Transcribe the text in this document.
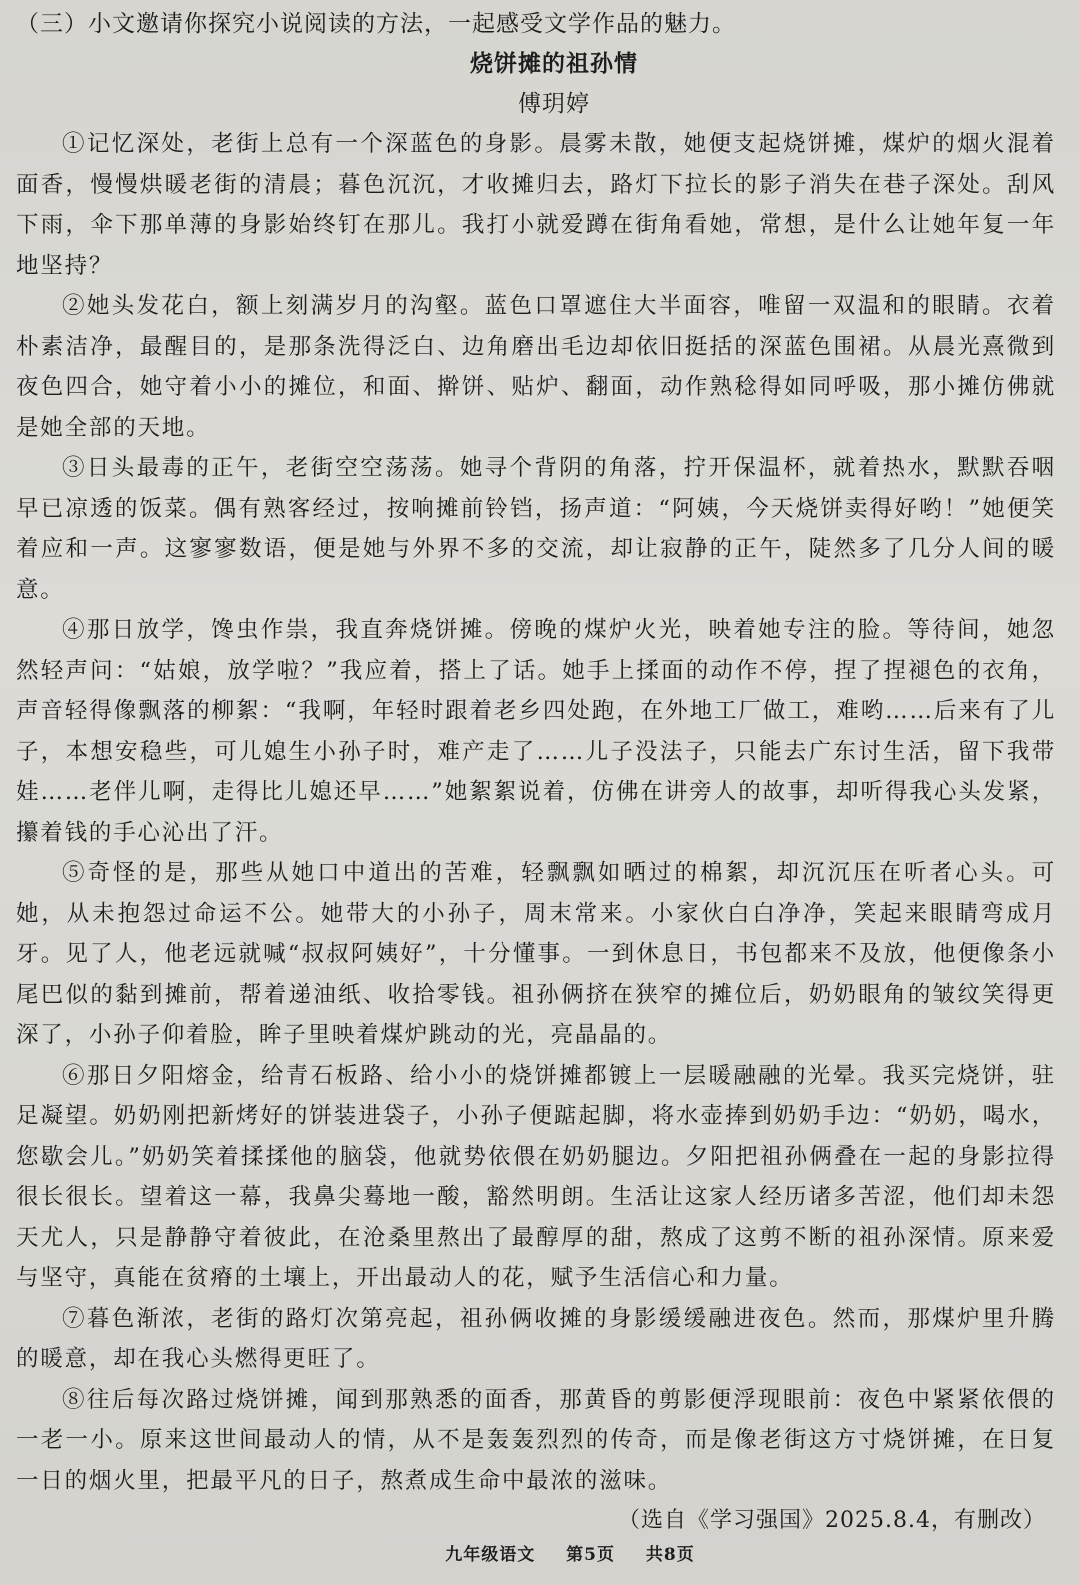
（三）小文邀请你探究小说阅读的方法，一起感受文学作品的魅力。

烧饼摊的祖孙情

傅玥婷

①记忆深处，老街上总有一个深蓝色的身影。晨雾未散，她便支起烧饼摊，煤炉的烟火混着面香，慢慢烘暖老街的清晨；暮色沉沉，才收摊归去，路灯下拉长的影子消失在巷子深处。刮风下雨，伞下那单薄的身影始终钉在那儿。我打小就爱蹲在街角看她，常想，是什么让她年复一年地坚持？

②她头发花白，额上刻满岁月的沟壑。蓝色口罩遮住大半面容，唯留一双温和的眼睛。衣着朴素洁净，最醒目的，是那条洗得泛白、边角磨出毛边却依旧挺括的深蓝色围裙。从晨光熹微到夜色四合，她守着小小的摊位，和面、擀饼、贴炉、翻面，动作熟稔得如同呼吸，那小摊仿佛就是她全部的天地。

③日头最毒的正午，老街空空荡荡。她寻个背阴的角落，拧开保温杯，就着热水，默默吞咽早已凉透的饭菜。偶有熟客经过，按响摊前铃铛，扬声道：“阿姨，今天烧饼卖得好哟！”她便笑着应和一声。这寥寥数语，便是她与外界不多的交流，却让寂静的正午，陡然多了几分人间的暖意。

④那日放学，馋虫作祟，我直奔烧饼摊。傍晚的煤炉火光，映着她专注的脸。等待间，她忽然轻声问：“姑娘，放学啦？”我应着，搭上了话。她手上揉面的动作不停，捏了捏褪色的衣角，声音轻得像飘落的柳絮：“我啊，年轻时跟着老乡四处跑，在外地工厂做工，难哟……后来有了儿子，本想安稳些，可儿媳生小孙子时，难产走了……儿子没法子，只能去广东讨生活，留下我带娃……老伴儿啊，走得比儿媳还早……”她絮絮说着，仿佛在讲旁人的故事，却听得我心头发紧，攥着钱的手心沁出了汗。

⑤奇怪的是，那些从她口中道出的苦难，轻飘飘如晒过的棉絮，却沉沉压在听者心头。可她，从未抱怨过命运不公。她带大的小孙子，周末常来。小家伙白白净净，笑起来眼睛弯成月牙。见了人，他老远就喊“叔叔阿姨好”，十分懂事。一到休息日，书包都来不及放，他便像条小尾巴似的黏到摊前，帮着递油纸、收拾零钱。祖孙俩挤在狭窄的摊位后，奶奶眼角的皱纹笑得更深了，小孙子仰着脸，眸子里映着煤炉跳动的光，亮晶晶的。

⑥那日夕阳熔金，给青石板路、给小小的烧饼摊都镀上一层暖融融的光晕。我买完烧饼，驻足凝望。奶奶刚把新烤好的饼装进袋子，小孙子便踮起脚，将水壶捧到奶奶手边：“奶奶，喝水，您歇会儿。”奶奶笑着揉揉他的脑袋，他就势依偎在奶奶腿边。夕阳把祖孙俩叠在一起的身影拉得很长很长。望着这一幕，我鼻尖蓦地一酸，豁然明朗。生活让这家人经历诸多苦涩，他们却未怨天尤人，只是静静守着彼此，在沧桑里熬出了最醇厚的甜，熬成了这剪不断的祖孙深情。原来爱与坚守，真能在贫瘠的土壤上，开出最动人的花，赋予生活信心和力量。

⑦暮色渐浓，老街的路灯次第亮起，祖孙俩收摊的身影缓缓融进夜色。然而，那煤炉里升腾的暖意，却在我心头燃得更旺了。

⑧往后每次路过烧饼摊，闻到那熟悉的面香，那黄昏的剪影便浮现眼前：夜色中紧紧依偎的一老一小。原来这世间最动人的情，从不是轰轰烈烈的传奇，而是像老街这方寸烧饼摊，在日复一日的烟火里，把最平凡的日子，熬煮成生命中最浓的滋味。

（选自《学习强国》2025.8.4，有删改）

九年级语文 第5页 共8页
